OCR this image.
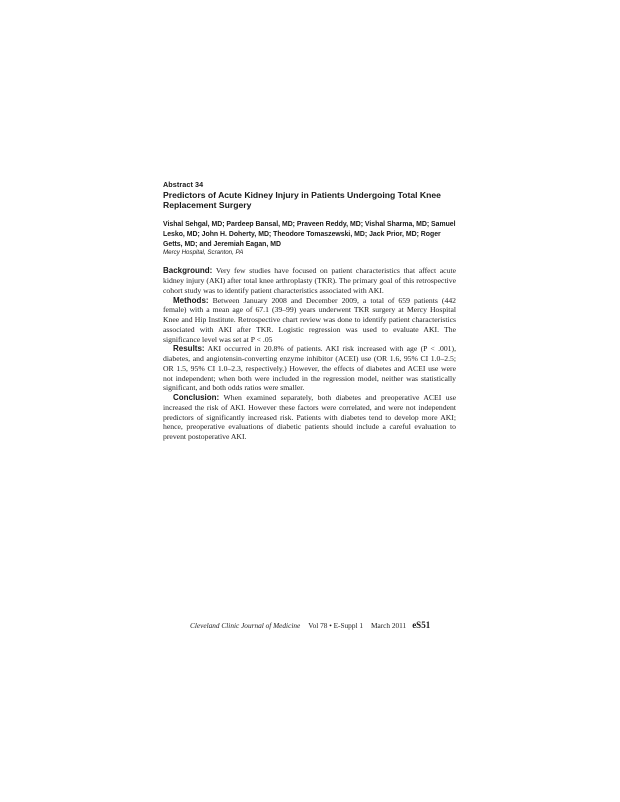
Abstract 34

Predictors of Acute Kidney Injury in Patients Undergoing Total Knee Replacement Surgery

Vishal Sehgal, MD; Pardeep Bansal, MD; Praveen Reddy, MD; Vishal Sharma, MD; Samuel Lesko, MD; John H. Doherty, MD; Theodore Tomaszewski, MD; Jack Prior, MD; Roger Getts, MD; and Jeremiah Eagan, MD

Mercy Hospital, Scranton, PA

Background: Very few studies have focused on patient characteristics that affect acute kidney injury (AKI) after total knee arthroplasty (TKR). The primary goal of this retrospective cohort study was to identify patient characteristics associated with AKI.

Methods: Between January 2008 and December 2009, a total of 659 patients (442 female) with a mean age of 67.1 (39–99) years underwent TKR surgery at Mercy Hospital Knee and Hip Institute. Retrospective chart review was done to identify patient characteristics associated with AKI after TKR. Logistic regression was used to evaluate AKI. The significance level was set at P < .05

Results: AKI occurred in 20.8% of patients. AKI risk increased with age (P < .001), diabetes, and angiotensin-converting enzyme inhibitor (ACEI) use (OR 1.6, 95% CI 1.0–2.5; OR 1.5, 95% CI 1.0–2.3, respectively.) However, the effects of diabetes and ACEI use were not independent; when both were included in the regression model, neither was statistically significant, and both odds ratios were smaller.

Conclusion: When examined separately, both diabetes and preoperative ACEI use increased the risk of AKI. However these factors were correlated, and were not independent predictors of significantly increased risk. Patients with diabetes tend to develop more AKI; hence, preoperative evaluations of diabetic patients should include a careful evaluation to prevent postoperative AKI.

Cleveland Clinic Journal of Medicine Vol 78 • E-Suppl 1 March 2011 eS51
